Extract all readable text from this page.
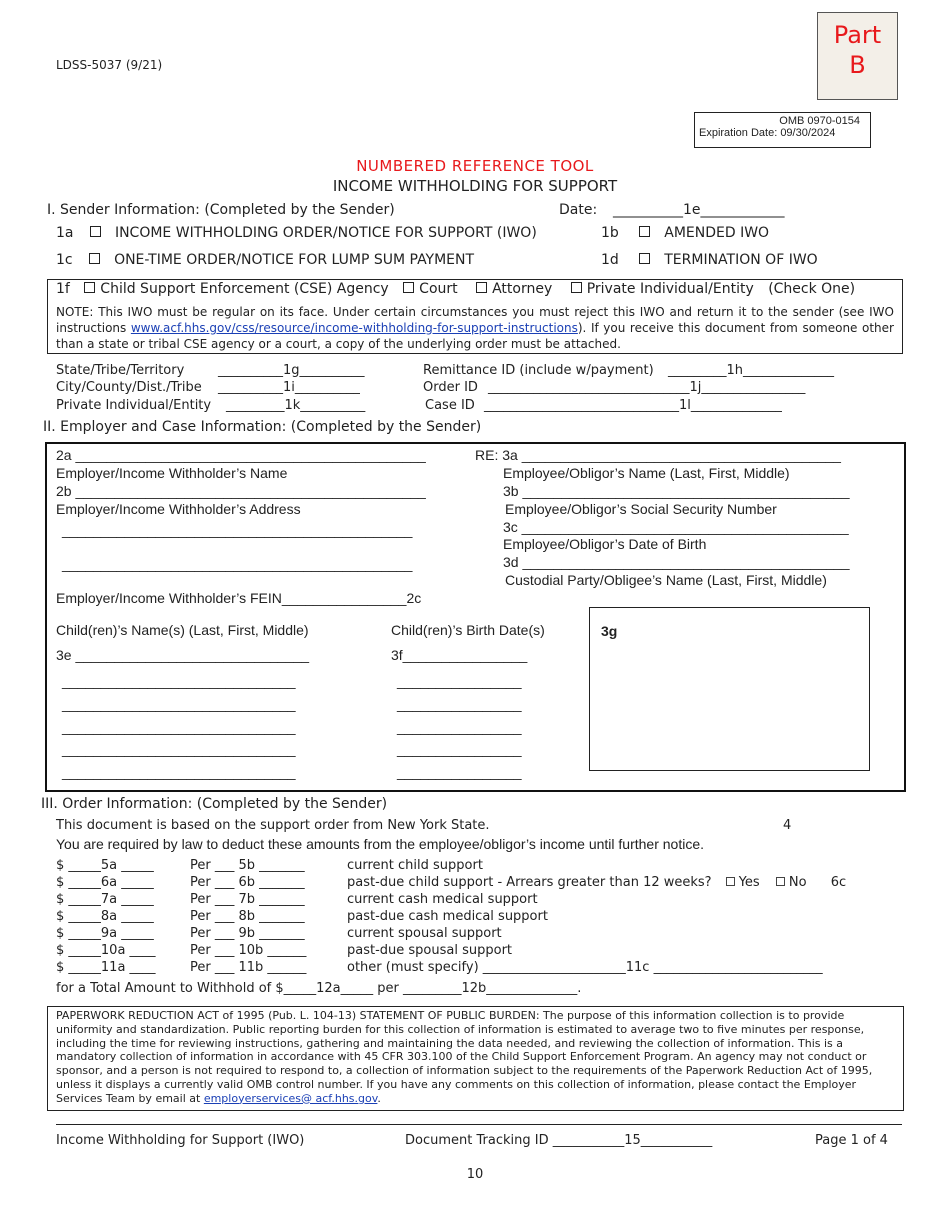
LDSS-5037 (9/21)
Part
B
OMB 0970-0154
Expiration Date: 09/30/2024
NUMBERED REFERENCE TOOL
INCOME WITHHOLDING FOR SUPPORT
I. Sender Information: (Completed by the Sender)	Date: __________1e____________
1a	INCOME WITHHOLDING ORDER/NOTICE FOR SUPPORT (IWO)	1b	AMENDED IWO
1c	ONE-TIME ORDER/NOTICE FOR LUMP SUM PAYMENT	1d	TERMINATION OF IWO
1f Child Support Enforcement (CSE) Agency Court Attorney Private Individual/Entity (Check One)
NOTE: This IWO must be regular on its face. Under certain circumstances you must reject this IWO and return it to the sender (see IWO instructions www.acf.hhs.gov/css/resource/income-withholding-for-support-instructions). If you receive this document from someone other than a state or tribal CSE agency or a court, a copy of the underlying order must be attached.
State/Tribe/Territory	__________1g__________
City/County/Dist./Tribe __________1i__________
Private Individual/Entity _________1k__________
Remittance ID (include w/payment) _________1h______________
Order ID _______________________________1j________________
Case ID ______________________________1l______________
II. Employer and Case Information: (Completed by the Sender)
2a _____________________________________________
Employer/Income Withholder’s Name
2b _____________________________________________
Employer/Income Withholder’s Address
_____________________________________________
_____________________________________________
Employer/Income Withholder’s FEIN________________2c
RE: 3a _________________________________________
Employee/Obligor’s Name (Last, First, Middle)
3b __________________________________________
Employee/Obligor’s Social Security Number
3c __________________________________________
Employee/Obligor’s Date of Birth
3d __________________________________________
Custodial Party/Obligee’s Name (Last, First, Middle)
Child(ren)’s Name(s) (Last, First, Middle)	Child(ren)’s Birth Date(s)
3e ______________________________	3f________________
______________________________
______________________________
______________________________
______________________________
______________________________
________________
________________
________________
________________
________________
3g
III. Order Information: (Completed by the Sender)
This document is based on the support order from New York State.	4
You are required by law to deduct these amounts from the employee/obligor’s income until further notice.
$ _____5a _____	Per ___ 5b _______	current child support
$ _____6a _____	Per ___ 6b _______	past-due child support - Arrears greater than 12 weeks? Yes No 6c
$ _____7a _____	Per ___ 7b _______	current cash medical support
$ _____8a _____	Per ___ 8b _______	past-due cash medical support
$ _____9a _____	Per ___ 9b _______	current spousal support
$ _____10a ____	Per ___ 10b ______	past-due spousal support
$ _____11a ____	Per ___ 11b ______	other (must specify) ______________________11c __________________________
for a Total Amount to Withhold of $_____12a_____ per _________12b______________.
PAPERWORK REDUCTION ACT of 1995 (Pub. L. 104-13) STATEMENT OF PUBLIC BURDEN: The purpose of this information collection is to provide uniformity and standardization. Public reporting burden for this collection of information is estimated to average two to five minutes per response, including the time for reviewing instructions, gathering and maintaining the data needed, and reviewing the collection of information. This is a mandatory collection of information in accordance with 45 CFR 303.100 of the Child Support Enforcement Program. An agency may not conduct or sponsor, and a person is not required to respond to, a collection of information subject to the requirements of the Paperwork Reduction Act of 1995, unless it displays a currently valid OMB control number. If you have any comments on this collection of information, please contact the Employer Services Team by email at employerservices@ acf.hhs.gov.
Income Withholding for Support (IWO)	Document Tracking ID ___________15___________	Page 1 of 4
10
